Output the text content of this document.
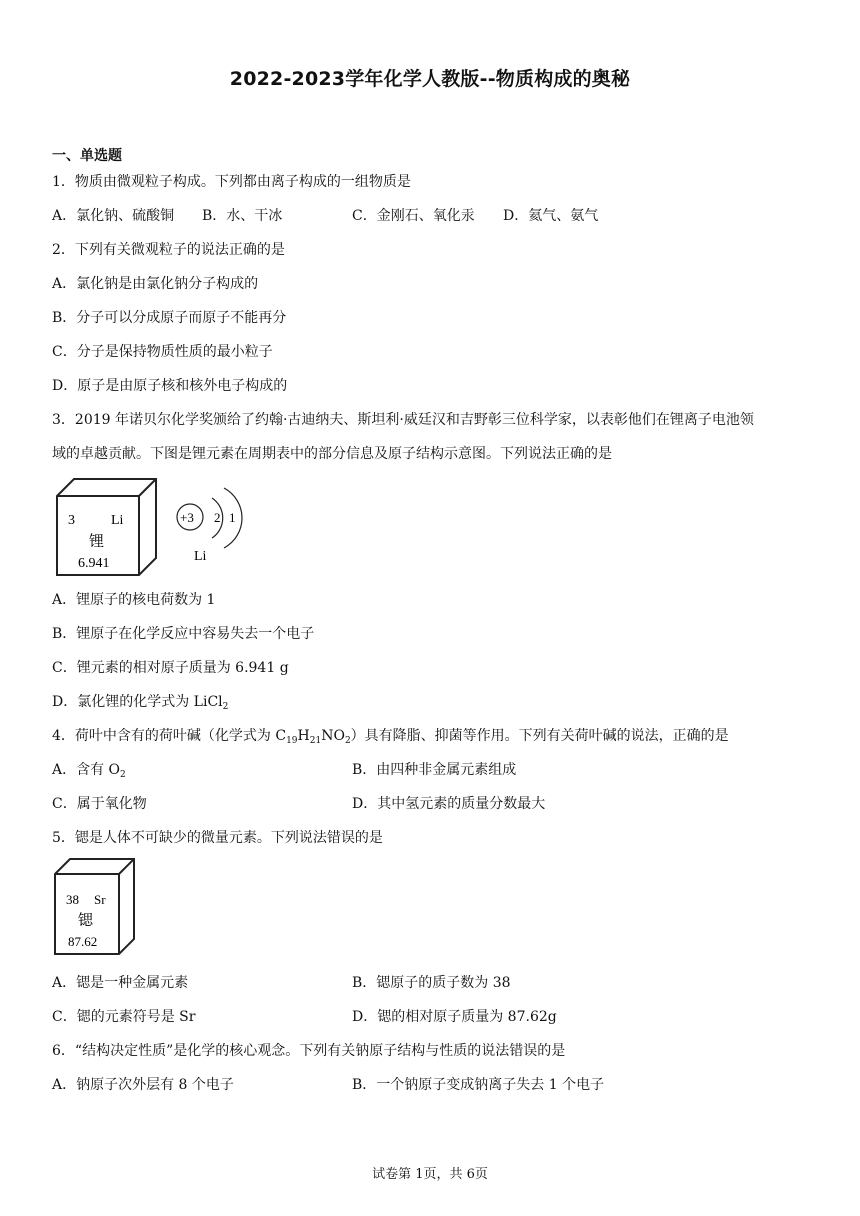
2022-2023学年化学人教版--物质构成的奥秘
一、单选题
1．物质由微观粒子构成。下列都由离子构成的一组物质是
A．氯化钠、硫酸铜 B．水、干冰	C．金刚石、氧化汞 D．氦气、氨气
2．下列有关微观粒子的说法正确的是
A．氯化钠是由氯化钠分子构成的
B．分子可以分成原子而原子不能再分
C．分子是保持物质性质的最小粒子
D．原子是由原子核和核外电子构成的
3．2019 年诺贝尔化学奖颁给了约翰·古迪纳夫、斯坦利·威廷汉和吉野彰三位科学家，以表彰他们在锂离子电池领
域的卓越贡献。下图是锂元素在周期表中的部分信息及原子结构示意图。下列说法正确的是
3	Li
锂
6.941
+3 2 1
Li
A．锂原子的核电荷数为 1
B．锂原子在化学反应中容易失去一个电子
C．锂元素的相对原子质量为 6.941 g
D．氯化锂的化学式为 LiCl$_2$
4．荷叶中含有的荷叶碱（化学式为 $C_{19}H_{21}NO_2$）具有降脂、抑菌等作用。下列有关荷叶碱的说法，正确的是
A．含有 $O_2$	B．由四种非金属元素组成
C．属于氧化物	D．其中氢元素的质量分数最大
5．锶是人体不可缺少的微量元素。下列说法错误的是
38 Sr
锶
87.62
A．锶是一种金属元素	B．锶原子的质子数为 38
C．锶的元素符号是 Sr	D．锶的相对原子质量为 87.62g
6．“结构决定性质”是化学的核心观念。下列有关钠原子结构与性质的说法错误的是
A．钠原子次外层有 8 个电子	B．一个钠原子变成钠离子失去 1 个电子
试卷第 1页，共 6页
